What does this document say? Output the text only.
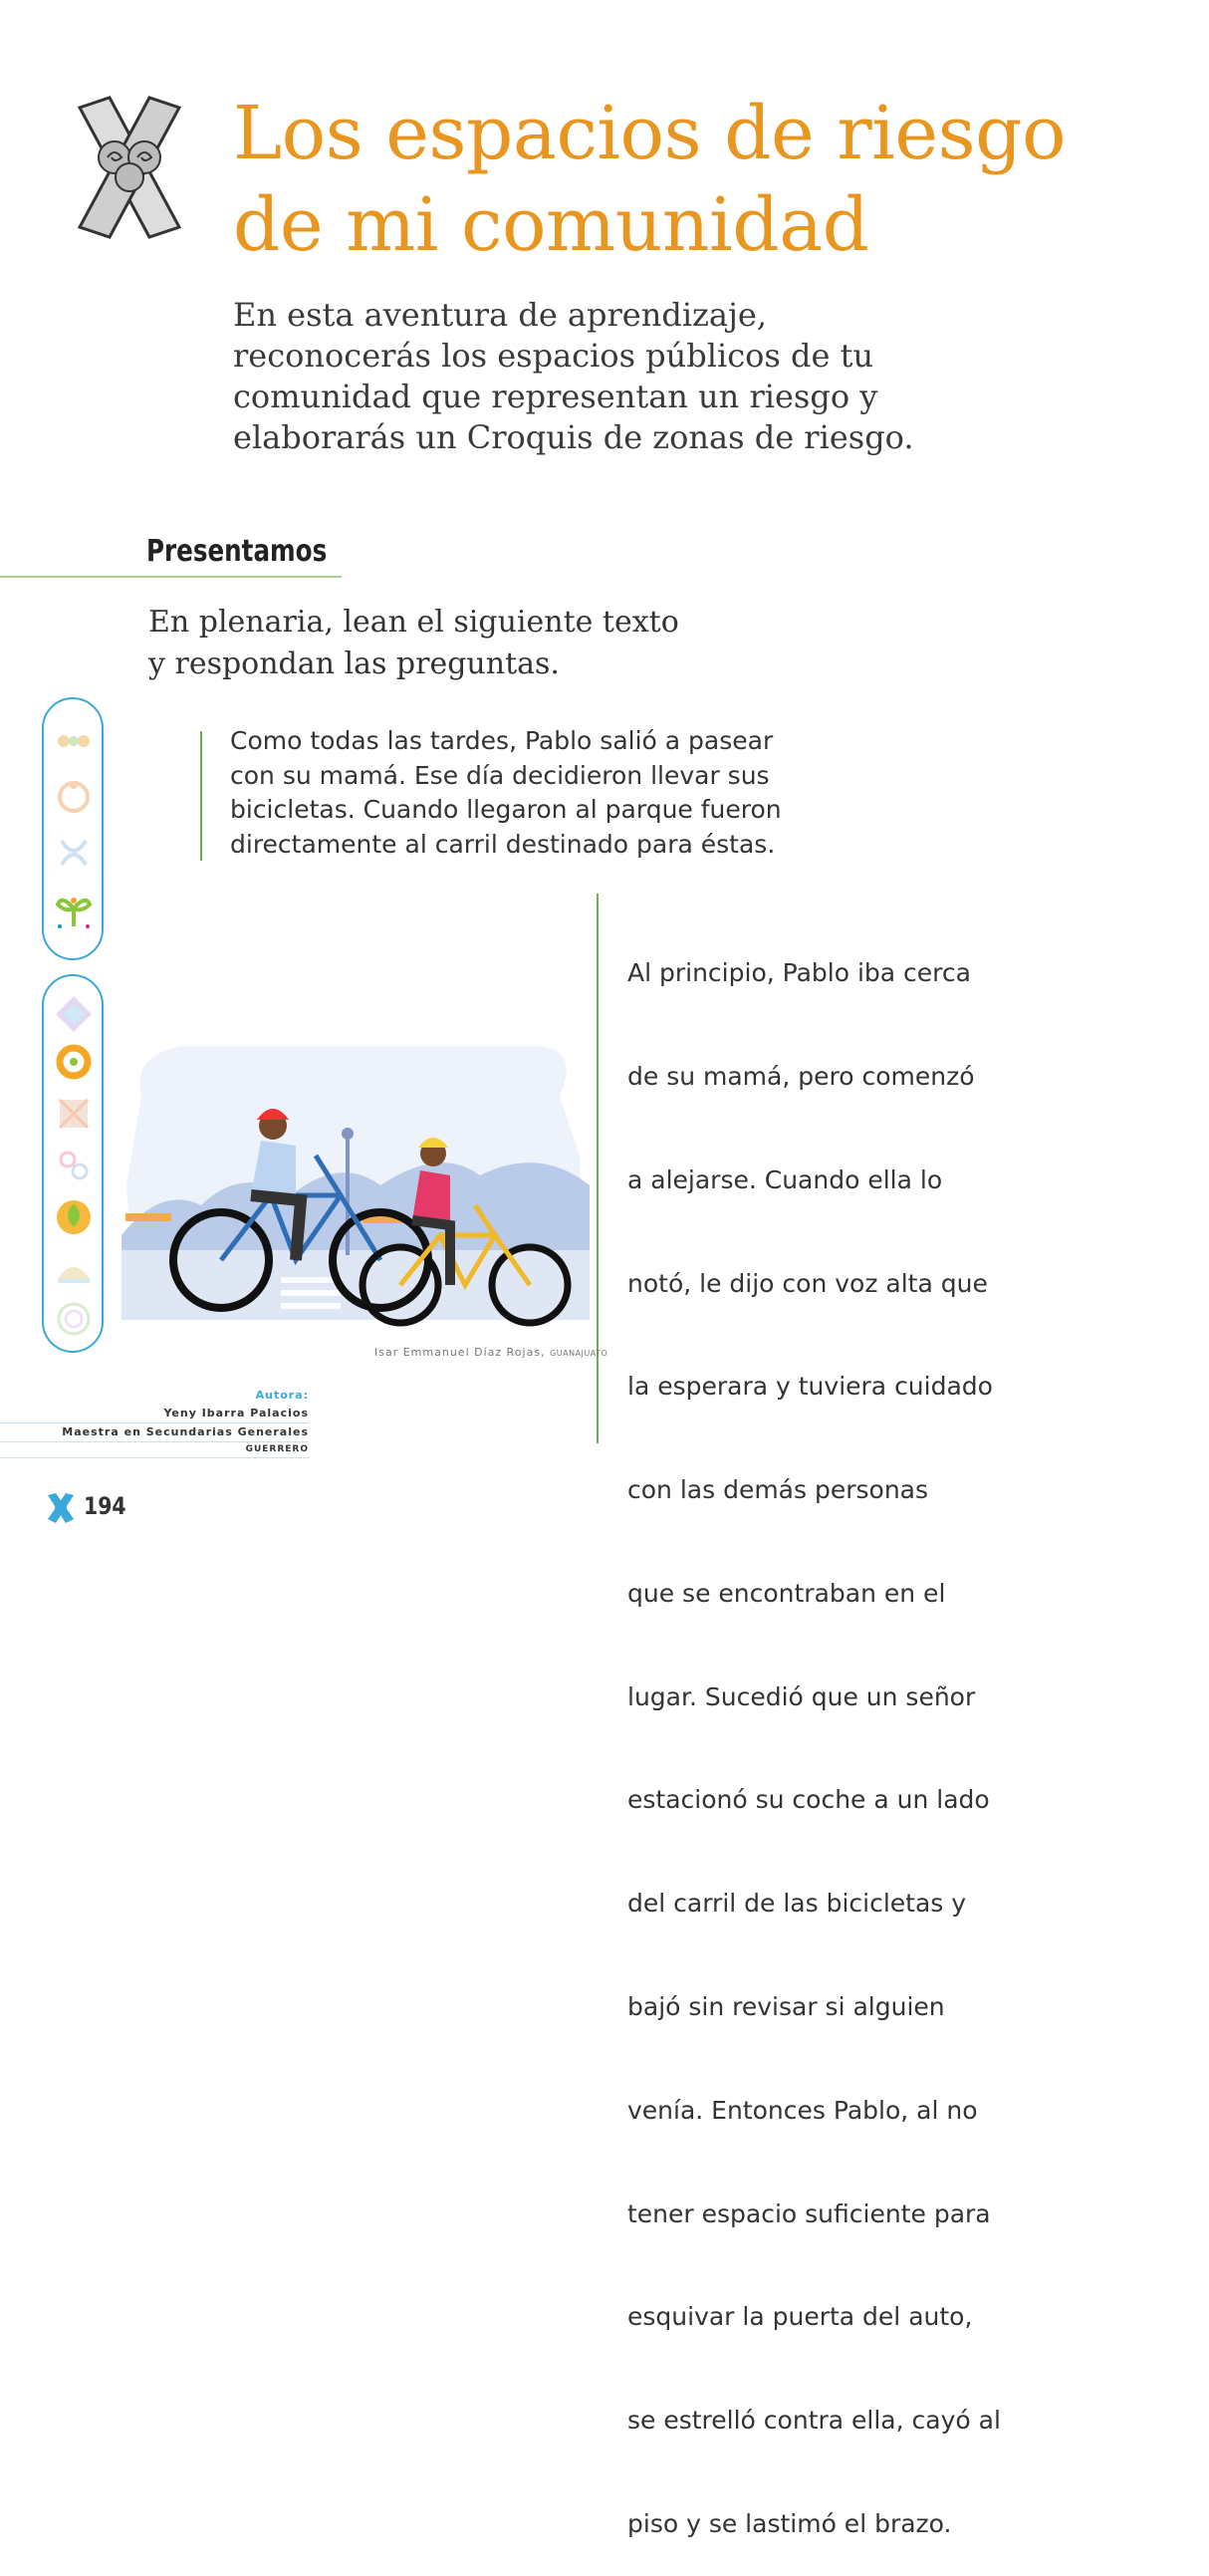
Los espacios de riesgo
de mi comunidad

En esta aventura de aprendizaje,
reconocerás los espacios públicos de tu
comunidad que representan un riesgo y
elaborarás un Croquis de zonas de riesgo.

Presentamos

En plenaria, lean el siguiente texto
y respondan las preguntas.

Como todas las tardes, Pablo salió a pasear
con su mamá. Ese día decidieron llevar sus
bicicletas. Cuando llegaron al parque fueron
directamente al carril destinado para éstas.

Al principio, Pablo iba cerca

de su mamá, pero comenzó

a alejarse. Cuando ella lo

notó, le dijo con voz alta que

la esperara y tuviera cuidado

con las demás personas

que se encontraban en el

lugar. Sucedió que un señor

estacionó su coche a un lado

del carril de las bicicletas y

bajó sin revisar si alguien

venía. Entonces Pablo, al no

tener espacio suficiente para

esquivar la puerta del auto,

se estrelló contra ella, cayó al

piso y se lastimó el brazo.

Isar Emmanuel Díaz Rojas, GUANAJUATO
Autora:
Yeny Ibarra Palacios
Maestra en Secundarias Generales
GUERRERO
194
